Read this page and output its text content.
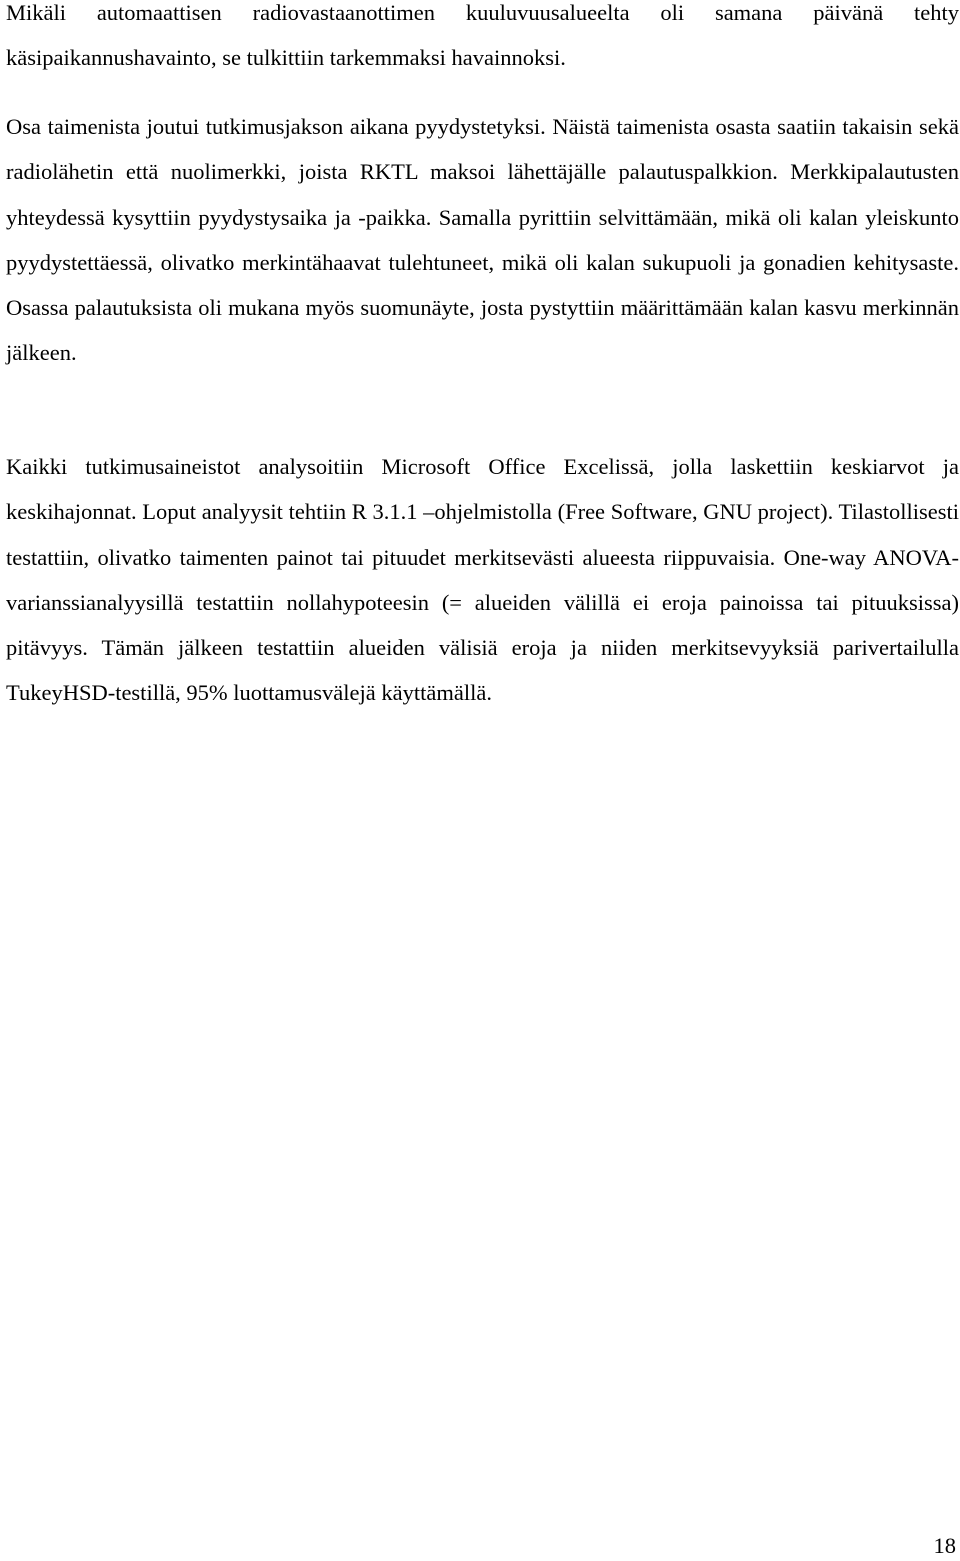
Mikäli automaattisen radiovastaanottimen kuuluvuusalueelta oli samana päivänä tehty käsipaikannushavainto, se tulkittiin tarkemmaksi havainnoksi.

Osa taimenista joutui tutkimusjakson aikana pyydystetyksi. Näistä taimenista osasta saatiin takaisin sekä radiolähetin että nuolimerkki, joista RKTL maksoi lähettäjälle palautuspalkkion. Merkkipalautusten yhteydessä kysyttiin pyydystysaika ja -paikka. Samalla pyrittiin selvittämään, mikä oli kalan yleiskunto pyydystettäessä, olivatko merkintähaavat tulehtuneet, mikä oli kalan sukupuoli ja gonadien kehitysaste. Osassa palautuksista oli mukana myös suomunäyte, josta pystyttiin määrittämään kalan kasvu merkinnän jälkeen.

Kaikki tutkimusaineistot analysoitiin Microsoft Office Excelissä, jolla laskettiin keskiarvot ja keskihajonnat. Loput analyysit tehtiin R 3.1.1 –ohjelmistolla (Free Software, GNU project). Tilastollisesti testattiin, olivatko taimenten painot tai pituudet merkitsevästi alueesta riippuvaisia. One-way ANOVA-varianssianalyysillä testattiin nollahypoteesin (= alueiden välillä ei eroja painoissa tai pituuksissa) pitävyys. Tämän jälkeen testattiin alueiden välisiä eroja ja niiden merkitsevyyksiä parivertailulla TukeyHSD-testillä, 95% luottamusvälejä käyttämällä.

18
